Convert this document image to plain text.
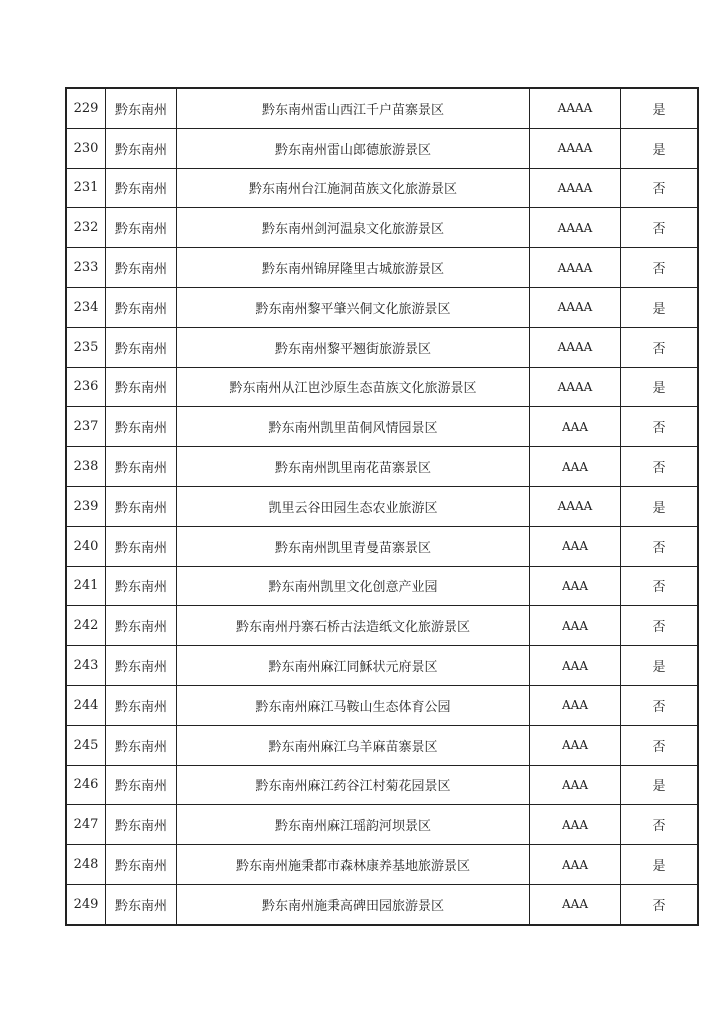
229	黔东南州	黔东南州雷山西江千户苗寨景区	AAAA	是
230	黔东南州	黔东南州雷山郎德旅游景区	AAAA	是
231	黔东南州	黔东南州台江施洞苗族文化旅游景区	AAAA	否
232	黔东南州	黔东南州剑河温泉文化旅游景区	AAAA	否
233	黔东南州	黔东南州锦屏隆里古城旅游景区	AAAA	否
234	黔东南州	黔东南州黎平肇兴侗文化旅游景区	AAAA	是
235	黔东南州	黔东南州黎平翘街旅游景区	AAAA	否
236	黔东南州	黔东南州从江岜沙原生态苗族文化旅游景区	AAAA	是
237	黔东南州	黔东南州凯里苗侗风情园景区	AAA	否
238	黔东南州	黔东南州凯里南花苗寨景区	AAA	否
239	黔东南州	凯里云谷田园生态农业旅游区	AAAA	是
240	黔东南州	黔东南州凯里青曼苗寨景区	AAA	否
241	黔东南州	黔东南州凯里文化创意产业园	AAA	否
242	黔东南州	黔东南州丹寨石桥古法造纸文化旅游景区	AAA	否
243	黔东南州	黔东南州麻江同穌状元府景区	AAA	是
244	黔东南州	黔东南州麻江马鞍山生态体育公园	AAA	否
245	黔东南州	黔东南州麻江乌羊麻苗寨景区	AAA	否
246	黔东南州	黔东南州麻江药谷江村菊花园景区	AAA	是
247	黔东南州	黔东南州麻江瑶韵河坝景区	AAA	否
248	黔东南州	黔东南州施秉都市森林康养基地旅游景区	AAA	是
249	黔东南州	黔东南州施秉高碑田园旅游景区	AAA	否
